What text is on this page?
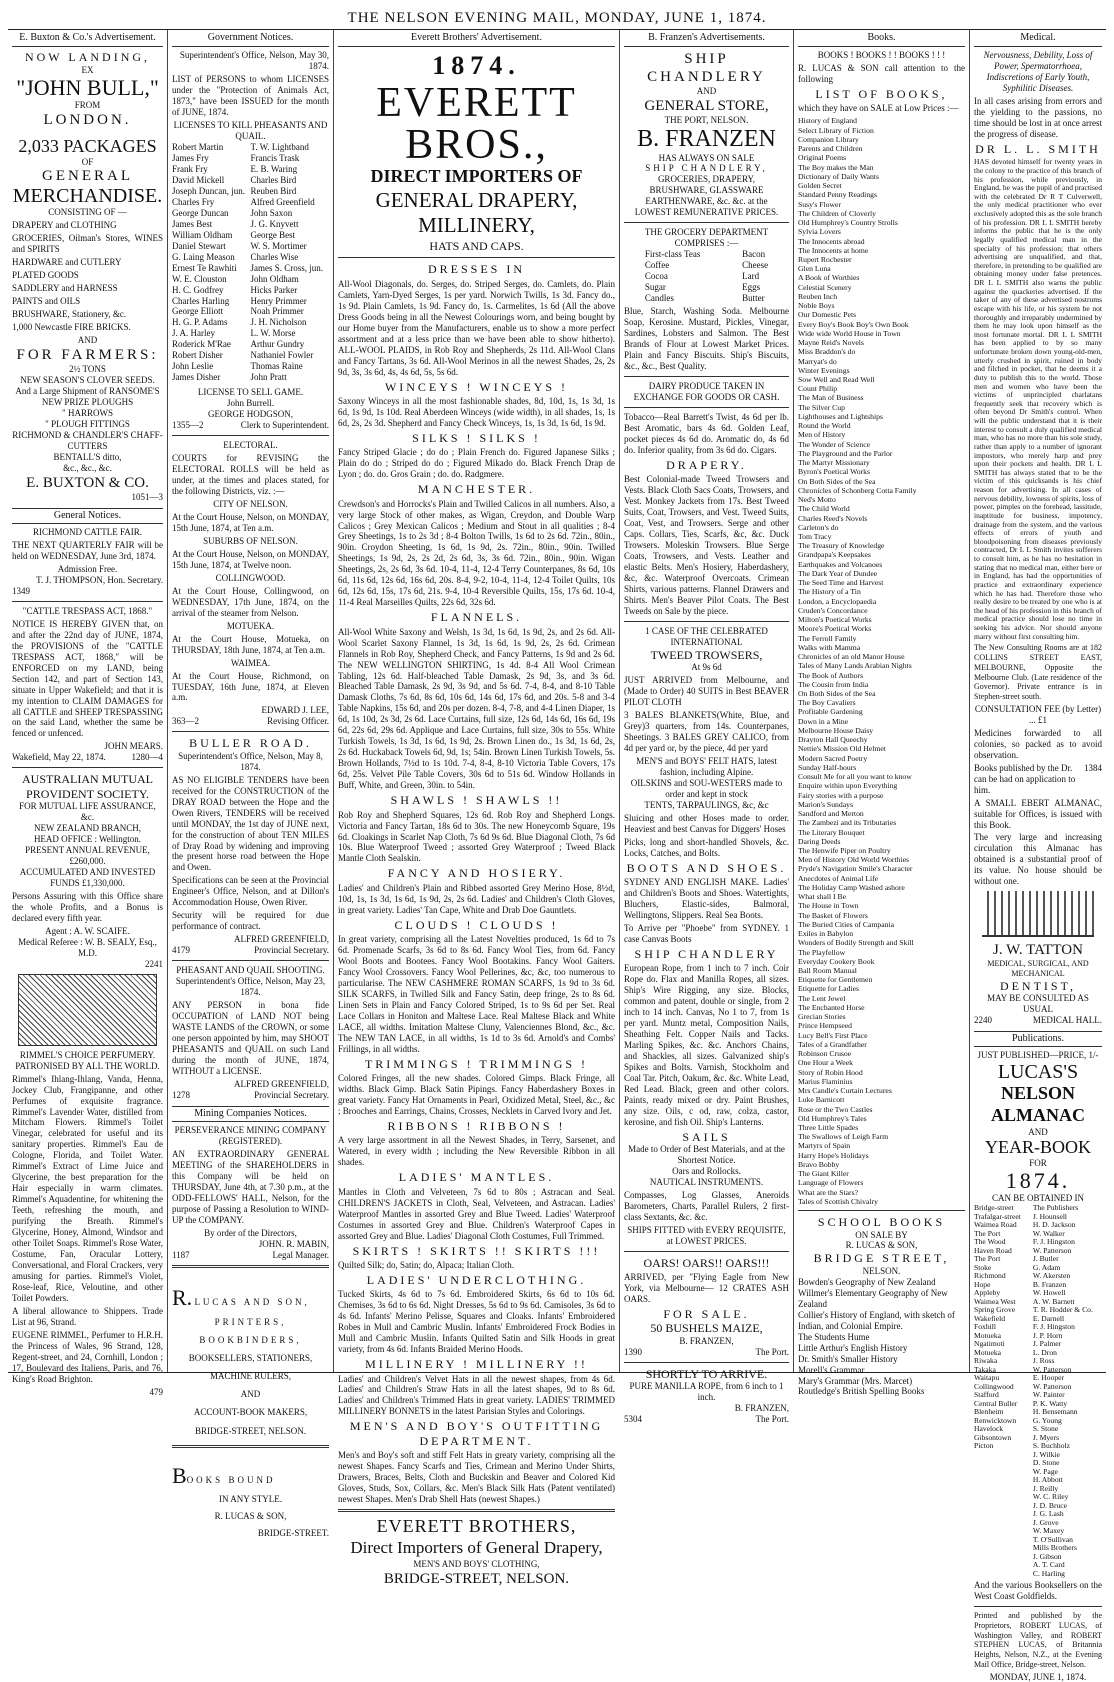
THE NELSON EVENING MAIL, MONDAY, JUNE 1, 1874.
E. Buxton & Co.'s Advertisement.
NOW LANDING,
EX
"JOHN BULL,"
FROM
LONDON.
2,033 PACKAGES
OF
GENERAL
MERCHANDISE.
CONSISTING OF —
DRAPERY and CLOTHING
GROCERIES, Oilman's Stores, WINES and SPIRITS
HARDWARE and CUTLERY
PLATED GOODS
SADDLERY and HARNESS
PAINTS and OILS
BRUSHWARE, Stationery, &c.
1,000 Newcastle FIRE BRICKS.
AND
FOR FARMERS:
2½ TONS
NEW SEASON'S CLOVER SEEDS.
And a Large Shipment of RANSOME'S NEW PRIZE PLOUGHS
" HARROWS
" PLOUGH FITTINGS
RICHMOND & CHANDLER'S CHAFF-CUTTERS
BENTALL'S ditto,
&c., &c., &c.
E. BUXTON & CO.
1051—3
General Notices.
RICHMOND CATTLE FAIR.
THE NEXT QUARTERLY FAIR will be held on WEDNESDAY, June 3rd, 1874.
Admission Free.
T. J. THOMPSON, Hon. Secretary.
1349
"CATTLE TRESPASS ACT, 1868."
NOTICE IS HEREBY GIVEN that, on and after the 22nd day of JUNE, 1874, the PROVISIONS of the "CATTLE TRESPASS ACT, 1868," will be ENFORCED on my LAND, being Section 142, and part of Section 143, situate in Upper Wakefield; and that it is my intention to CLAIM DAMAGES for all CATTLE and SHEEP TRESPASSING on the said Land, whether the same be fenced or unfenced.
JOHN MEARS.
Wakefield, May 22, 1874.	1280—4
AUSTRALIAN MUTUAL PROVIDENT SOCIETY.
FOR MUTUAL LIFE ASSURANCE, &c.
NEW ZEALAND BRANCH,
HEAD OFFICE : Wellington.
PRESENT ANNUAL REVENUE, £260,000.
ACCUMULATED AND INVESTED FUNDS £1,330,000.
Persons Assuring with this Office share the whole Profits, and a Bonus is declared every fifth year.
Agent : A. W. SCAIFE.
Medical Referee : W. B. SEALY, Esq., M.D.
2241
RIMMEL'S CHOICE PERFUMERY.
PATRONISED BY ALL THE WORLD.
Rimmel's Ihlang-Ihlang, Vanda, Henna, Jockey Club, Frangipanne, and other Perfumes of exquisite fragrance. Rimmel's Lavender Water, distilled from Mitcham Flowers. Rimmel's Toilet Vinegar, celebrated for useful and its sanitary properties. Rimmel's Eau de Cologne, Florida, and Toilet Water. Rimmel's Extract of Lime Juice and Glycerine, the best preparation for the Hair especially in warm climates. Rimmel's Aquadentine, for whitening the Teeth, refreshing the mouth, and purifying the Breath. Rimmel's Glycerine, Honey, Almond, Windsor and other Toilet Soaps. Rimmel's Rose Water, Costume, Fan, Oracular Lottery, Conversational, and Floral Crackers, very amusing for parties. Rimmel's Violet, Rose-leaf, Rice, Veloutine, and other Toilet Powders.
A liberal allowance to Shippers. Trade List at 96, Strand.
EUGENE RIMMEL, Perfumer to H.R.H. the Princess of Wales, 96 Strand, 128, Regent-street, and 24, Cornhill, London ; 17, Boulevard des Italiens, Paris, and 76, King's Road Brighton.
479
Government Notices.
Superintendent's Office, Nelson, May 30, 1874.
LIST of PERSONS to whom LICENSES under the "Protection of Animals Act, 1873," have been ISSUED for the month of JUNE, 1874.
LICENSES TO KILL PHEASANTS AND QUAIL.
Robert Martin
James Fry
Frank Fry
David Mickell
Joseph Duncan, jun.
Charles Fry
George Duncan
James Best
William Oldham
Daniel Stewart
G. Laing Meason
Ernest Te Rawhiti
W. E. Clouston
H. C. Godfrey
Charles Harling
George Elliott
H. G. P. Adams
J. A. Harley
Roderick M'Rae
Robert Disher
John Leslie
James Disher
T. W. Lightband
Francis Trask
E. B. Waring
Charles Bird
Reuben Bird
Alfred Greenfield
John Saxon
J. G. Knyvett
George Best
W. S. Mortimer
Charles Wise
James S. Cross, jun.
John Oldham
Hicks Parker
Henry Primmer
Noah Primmer
J. H. Nicholson
L. W. Morse
Arthur Gundry
Nathaniel Fowler
Thomas Raine
John Pratt
LICENSE TO SELL GAME.
John Burrell.
GEORGE HODGSON,
1355—2	Clerk to Superintendent.
ELECTORAL.
COURTS for REVISING the ELECTORAL ROLLS will be held as under, at the times and places stated, for the following Districts, viz. :—
CITY OF NELSON.
At the Court House, Nelson, on MONDAY, 15th June, 1874, at Ten a.m.
SUBURBS OF NELSON.
At the Court House, Nelson, on MONDAY, 15th June, 1874, at Twelve noon.
COLLINGWOOD.
At the Court House, Collingwood, on WEDNESDAY, 17th June, 1874, on the arrival of the steamer from Nelson.
MOTUEKA.
At the Court House, Motueka, on THURSDAY, 18th June, 1874, at Ten a.m.
WAIMEA.
At the Court House, Richmond, on TUESDAY, 16th June, 1874, at Eleven a.m.
EDWARD J. LEE,
363—2	Revising Officer.
BULLER ROAD.
Superintendent's Office, Nelson, May 8, 1874.
AS NO ELIGIBLE TENDERS have been received for the CONSTRUCTION of the DRAY ROAD between the Hope and the Owen Rivers, TENDERS will be received until MONDAY, the 1st day of JUNE next, for the construction of about TEN MILES of Dray Road by widening and improving the present horse road between the Hope and Owen.
Specifications can be seen at the Provincial Engineer's Office, Nelson, and at Dillon's Accommodation House, Owen River.
Security will be required for due performance of contract.
ALFRED GREENFIELD,
4179	Provincial Secretary.
PHEASANT AND QUAIL SHOOTING.
Superintendent's Office, Nelson, May 23, 1874.
ANY PERSON in bona fide OCCUPATION of LAND NOT being WASTE LANDS of the CROWN, or some one person appointed by him, may SHOOT PHEASANTS and QUAIL on such Land during the month of JUNE, 1874, WITHOUT a LICENSE.
ALFRED GREENFIELD,
1278	Provincial Secretary.
Mining Companies Notices.
PERSEVERANCE MINING COMPANY (REGISTERED).
AN EXTRAORDINARY GENERAL MEETING of the SHAREHOLDERS in this Company will be held on THURSDAY, June 4th, at 7.30 p.m., at the ODD-FELLOWS' HALL, Nelson, for the purpose of Passing a Resolution to WIND-UP the COMPANY.
By order of the Directors,
JOHN. R. MABIN,
1187	Legal Manager.
R. LUCAS AND SON,
PRINTERS,
BOOKBINDERS,
BOOKSELLERS, STATIONERS,
MACHINE RULERS,
AND
ACCOUNT-BOOK MAKERS,
BRIDGE-STREET, NELSON.
BOOKS BOUND
IN ANY STYLE.
R. LUCAS & SON,
BRIDGE-STREET.
Everett Brothers' Advertisement.
1874.
EVERETT BROS.,
DIRECT IMPORTERS OF
GENERAL DRAPERY, MILLINERY,
HATS AND CAPS.
DRESSES IN
All-Wool Diagonals, do. Serges, do. Striped Serges, do. Camlets, do. Plain Camlets, Yarn-Dyed Serges, 1s per yard. Norwich Twills, 1s 3d. Fancy do., 1s 9d. Plain Camlets, 1s 9d. Fancy do, 1s. Carmelites, 1s 6d (All the above Dress Goods being in all the Newest Colourings worn, and being bought by our Home buyer from the Manufacturers, enable us to show a more perfect assortment and at a less price than we have been able to show hitherto). ALL-WOOL PLAIDS, in Rob Roy and Shepherds, 2s 11d. All-Wool Clans and Fancy Tartans, 3s 6d. All-Wool Merinos in all the newest Shades, 2s, 2s 9d, 3s, 3s 6d, 4s, 4s 6d, 5s, 5s 6d.
WINCEYS ! WINCEYS !
Saxony Winceys in all the most fashionable shades, 8d, 10d, 1s, 1s 3d, 1s 6d, 1s 9d, 1s 10d. Real Aberdeen Winceys (wide width), in all shades, 1s, 1s 6d, 2s, 2s 3d. Shepherd and Fancy Check Winceys, 1s, 1s 3d, 1s 6d, 1s 9d.
SILKS ! SILKS !
Fancy Striped Glacie ; do do ; Plain French do. Figured Japanese Silks ; Plain do do ; Striped do do ; Figured Mikado do. Black French Drap de Lyon ; do. do. Gros Grain ; do. do. Radgmere.
MANCHESTER.
Crewdson's and Horrocks's Plain and Twilled Calicos in all numbers. Also, a very large Stock of other makes, as Wigan, Creydon, and Double Warp Calicos ; Grey Mexican Calicos ; Medium and Stout in all qualities ; 8-4 Grey Sheetings, 1s to 2s 3d ; 8-4 Bolton Twills, 1s 6d to 2s 6d. 72in., 80in., 90in. Croydon Sheeting, 1s 6d, 1s 9d, 2s. 72in., 80in., 90in. Twilled Sheetings, 1s 9d, 2s, 2s 2d, 2s 6d, 3s, 3s 6d. 72in., 80in., 90in. Wigan Sheetings, 2s, 2s 6d, 3s 6d. 10-4, 11-4, 12-4 Terry Counterpanes, 8s 6d, 10s 6d, 11s 6d, 12s 6d, 16s 6d, 20s. 8-4, 9-2, 10-4, 11-4, 12-4 Toilet Quilts, 10s 6d, 12s 6d, 15s, 17s 6d, 21s. 9-4, 10-4 Reversible Quilts, 15s, 17s 6d. 10-4, 11-4 Real Marseilles Quilts, 22s 6d, 32s 6d.
FLANNELS.
All-Wool White Saxony and Welsh, 1s 3d, 1s 6d, 1s 9d, 2s, and 2s 6d. All-Wool Scarlet Saxony Flannel, 1s 3d, 1s 6d, 1s 9d, 2s, 2s 6d. Crimean Flannels in Rob Roy, Shepherd Check, and Fancy Patterns, 1s 9d and 2s 6d. The NEW WELLINGTON SHIRTING, 1s 4d. 8-4 All Wool Crimean Tabling, 12s 6d. Half-bleached Table Damask, 2s 9d, 3s, and 3s 6d. Bleached Table Damask, 2s 9d, 3s 9d, and 5s 6d. 7-4, 8-4, and 8-10 Table Damask Cloths, 7s 6d, 8s 6d, 10s 6d, 14s 6d, 17s 6d, and 20s. 5-8 and 3-4 Table Napkins, 15s 6d, and 20s per dozen. 8-4, 7-8, and 4-4 Linen Diaper, 1s 6d, 1s 10d, 2s 3d, 2s 6d. Lace Curtains, full size, 12s 6d, 14s 6d, 16s 6d, 19s 6d, 22s 6d, 29s 6d. Applique and Lace Curtains, full size, 30s to 55s. White Turkish Towels, 1s 3d, 1s 6d, 1s 9d, 2s. Brown Linen do., 1s 3d, 1s 6d, 2s, 2s 6d. Huckaback Towels 6d, 9d, 1s; 54in. Brown Linen Turkish Towels, 5s. Brown Hollands, 7½d to 1s 10d. 7-4, 8-4, 8-10 Victoria Table Covers, 17s 6d, 25s. Velvet Pile Table Covers, 30s 6d to 51s 6d. Window Hollands in Buff, White, and Green, 30in. to 54in.
SHAWLS ! SHAWLS !!
Rob Roy and Shepherd Squares, 12s 6d. Rob Roy and Shepherd Longs. Victoria and Fancy Tartan, 18s 6d to 30s. The new Honeycomb Square, 19s 6d. Cloakings in Scarlet Nap Cloth, 7s 6d 9s 6d. Blue Diagonal Cloth, 7s 6d 10s. Blue Waterproof Tweed ; assorted Grey Waterproof ; Tweed Black Mantle Cloth Sealskin.
FANCY AND HOSIERY.
Ladies' and Children's Plain and Ribbed assorted Grey Merino Hose, 8½d, 10d, 1s, 1s 3d, 1s 6d, 1s 9d, 2s, 2s 6d. Ladies' and Children's Cloth Gloves, in great variety. Ladies' Tan Cape, White and Drab Doe Gauntlets.
CLOUDS ! CLOUDS !
In great variety, comprising all the Latest Novelties produced, 1s 6d to 7s 6d. Promenade Scarfs, 3s 6d to 8s 6d. Fancy Wool Ties, from 6d. Fancy Wool Boots and Bootees. Fancy Wool Bootakins. Fancy Wool Gaiters. Fancy Wool Crossovers. Fancy Wool Pellerines, &c, &c, too numerous to particularise. The NEW CASHMERE ROMAN SCARFS, 1s 9d to 3s 6d. SILK SCARFS, in Twilled Silk and Fancy Satin, deep fringe, 2s to 8s 6d. Linen Sets in Plain and Fancy Colored Striped, 1s to 9s 6d per Set. Real Lace Collars in Honiton and Maltese Lace. Real Maltese Black and White LACE, all widths. Imitation Maltese Cluny, Valenciennes Blond, &c., &c. The NEW TAN LACE, in all widths, 1s 1d to 3s 6d. Arnold's and Combs' Frillings, in all widths.
TRIMMINGS ! TRIMMINGS !
Colored Fringes, all the new shades. Colored Gimps. Black Fringe, all widths. Black Gimp. Black Satin Pipings. Fancy Haberdashery Boxes in great variety. Fancy Hat Ornaments in Pearl, Oxidized Metal, Steel, &c., &c ; Brooches and Earrings, Chains, Crosses, Necklets in Carved Ivory and Jet.
RIBBONS ! RIBBONS !
A very large assortment in all the Newest Shades, in Terry, Sarsenet, and Watered, in every width ; including the New Reversible Ribbon in all shades.
LADIES' MANTLES.
Mantles in Cloth and Velveteen, 7s 6d to 80s ; Astracan and Seal. CHILDREN'S JACKETS in Cloth, Seal, Velveteen, and Astracan. Ladies' Waterproof Mantles in assorted Grey and Blue Tweed. Ladies' Waterproof Costumes in assorted Grey and Blue. Children's Waterproof Capes in assorted Grey and Blue. Ladies' Diagonal Cloth Costumes, Full Trimmed.
SKIRTS ! SKIRTS !! SKIRTS !!!
Quilted Silk; do, Satin; do, Alpaca; Italian Cloth.
LADIES' UNDERCLOTHING.
Tucked Skirts, 4s 6d to 7s 6d. Embroidered Skirts, 6s 6d to 10s 6d. Chemises, 3s 6d to 6s 6d. Night Dresses, 5s 6d to 9s 6d. Camisoles, 3s 6d to 4s 6d. Infants' Merino Pelisse, Squares and Cloaks. Infants' Embroidered Robes in Mull and Cambric Muslin. Infants' Embroidered Frock Bodies in Mull and Cambric Muslin. Infants Quilted Satin and Silk Hoods in great variety, from 4s 6d. Infants Braided Merino Hoods.
MILLINERY ! MILLINERY !!
Ladies' and Children's Velvet Hats in all the newest shapes, from 4s 6d. Ladies' and Children's Straw Hats in all the latest shapes, 9d to 8s 6d. Ladies' and Children's Trimmed Hats in great variety. LADIES' TRIMMED MILLINERY BONNETS in the latest Parisian Styles and Colorings.
MEN'S AND BOY'S OUTFITTING DEPARTMENT.
Men's and Boy's soft and stiff Felt Hats in greaty variety, comprising all the newest Shapes. Fancy Scarfs and Ties, Crimean and Merino Under Shirts, Drawers, Braces, Belts, Cloth and Buckskin and Beaver and Colored Kid Gloves, Studs, Sox, Collars, &c. Men's Black Silk Hats (Patent ventilated) newest Shapes. Men's Drab Shell Hats (newest Shapes.)
EVERETT BROTHERS,
Direct Importers of General Drapery,
MEN'S AND BOYS' CLOTHING,
BRIDGE-STREET, NELSON.
B. Franzen's Advertisements.
SHIP CHANDLERY
AND
GENERAL STORE,
THE PORT, NELSON.
B. FRANZEN
HAS ALWAYS ON SALE
SHIP CHANDLERY,
GROCERIES, DRAPERY,
BRUSHWARE, GLASSWARE
EARTHENWARE, &c. &c. at the
LOWEST REMUNERATIVE PRICES.
THE GROCERY DEPARTMENT
COMPRISES :—
First-class Teas
Coffee
Cocoa
Sugar
Candles
Bacon
Cheese
Lard
Eggs
Butter
Blue, Starch, Washing Soda. Melbourne Soap, Kerosine. Mustard, Pickles, Vinegar, Sardines, Lobsters and Salmon. The Best Brands of Flour at Lowest Market Prices. Plain and Fancy Biscuits. Ship's Biscuits, &c., &c., Best Quality.
DAIRY PRODUCE TAKEN IN EXCHANGE FOR GOODS OR CASH.
Tobacco—Real Barrett's Twist, 4s 6d per lb. Best Aromatic, bars 4s 6d. Golden Leaf, pocket pieces 4s 6d do. Aromatic do, 4s 6d do. Inferior quality, from 3s 6d do. Cigars.
DRAPERY.
Best Colonial-made Tweed Trowsers and Vests. Black Cloth Sacs Coats, Trowsers, and Vest. Monkey Jackets from 17s. Best Tweed Suits, Coat, Trowsers, and Vest. Tweed Suits, Coat, Vest, and Trowsers. Serge and other Caps. Collars, Ties, Scarfs, &c, &c. Duck Trowsers. Moleskin Trowsers. Blue Serge Coats, Trowsers, and Vests. Leather and elastic Belts. Men's Hosiery, Haberdashery, &c, &c. Waterproof Overcoats. Crimean Shirts, various patterns. Flannel Drawers and Shirts. Men's Beaver Pilot Coats. The Best Tweeds on Sale by the piece.
1 CASE OF THE CELEBRATED
INTERNATIONAL
TWEED TROWSERS,
At 9s 6d
JUST ARRIVED from Melbourne, and (Made to Order) 40 SUITS in Best BEAVER PILOT CLOTH
3 BALES BLANKETS(White, Blue, and Grey)3 quarters, from 14s. Counterpanes, Sheetings. 3 BALES GREY CALICO, from 4d per yard or, by the piece, 4d per yard
MEN'S and BOYS' FELT HATS, latest fashion, including Alpine.
OILSKINS and SOU-WESTERS made to order and kept in stock
TENTS, TARPAULINGS, &c, &c
Sluicing and other Hoses made to order. Heaviest and best Canvas for Diggers' Hoses
Picks, long and short-handled Shovels, &c. Locks, Catches, and Bolts.
BOOTS AND SHOES.
SYDNEY AND ENGLISH MAKE. Ladies' and Children's Boots and Shoes. Watertights, Bluchers, Elastic-sides, Balmoral, Wellingtons, Slippers. Real Sea Boots.
To Arrive per "Phoebe" from SYDNEY. 1 case Canvas Boots
SHIP CHANDLERY
European Rope, from 1 inch to 7 inch. Coir Rope do. Flax and Manilla Ropes, all sizes. Ship's Wire Rigging, any size. Blocks, common and patent, double or single, from 2 inch to 14 inch. Canvas, No 1 to 7, from 1s per yard. Muntz metal, Composition Nails, Sheathing Felt. Copper Nails and Tacks. Marling Spikes, &c. &c. Anchors Chains, and Shackles, all sizes. Galvanized ship's Spikes and Bolts. Varnish, Stockholm and Coal Tar. Pitch, Oakum, &c. &c. White Lead, Red Lead. Black, green and other colors. Paints, ready mixed or dry. Paint Brushes, any size. Oils, c od, raw, colza, castor, kerosine, and fish Oil. Ship's Lanterns.
SAILS
Made to Order of Best Materials, and at the Shortest Notice.
Oars and Rollocks.
NAUTICAL INSTRUMENTS.
Compasses, Log Glasses, Aneroids Barometers, Charts, Parallel Rulers, 2 first-class Sextants, &c. &c.
SHIPS FITTED with EVERY REQUISITE, at LOWEST PRICES.
OARS! OARS!! OARS!!!
ARRIVED, per "Flying Eagle from New York, via Melbourne— 12 CRATES ASH OARS.
FOR SALE.
50 BUSHELS MAIZE,
B. FRANZEN,
1390	The Port.
SHORTLY TO ARRIVE.
PURE MANILLA ROPE, from 6 inch to 1 inch.
B. FRANZEN,
5304	The Port.
Books.
BOOKS ! BOOKS ! ! BOOKS ! ! !
R. LUCAS & SON call attention to the following
LIST OF BOOKS,
which they have on SALE at Low Prices :—
History of England
Select Library of Fiction
Companion Library
Parents and Children
Original Poems
The Boy makes the Man
Dictionary of Daily Wants
Golden Secret
Standard Penny Readings
Susy's Flower
The Children of Cloverly
Old Humphrey's Country Strolls
Sylvia Lovers
The Innocents abroad
The Innocents at home
Rupert Rochester
Glen Luna
A Book of Worthies
Celestial Scenery
Reuben Inch
Noble Boys
Our Domestic Pets
Every Boy's Book Boy's Own Book
Wide wide World House in Town
Mayne Reid's Novels
Miss Braddon's do
Marryat's do
Winter Evenings
Sow Well and Read Well
Count Philip
The Man of Business
The Silver Cup
Lighthouses and Lightships
Round the World
Men of History
The Wonder of Science
The Playground and the Parlor
The Martyr Missionary
Byron's Poetical Works
On Both Sides of the Sea
Chronicles of Schonberg Cotta Family
Ned's Motto
The Child World
Charles Reed's Novels
Carleton's do
Tom Tracy
The Treasury of Knowledge
Grandpapa's Keepsakes
Earthquakes and Volcanoes
The Dark Year of Dundee
The Seed Time and Harvest
The History of a Tin
London, a Encyclopaedia
Cruden's Concordance
Milton's Poetical Works
Moore's Poetical Works
The Ferroll Family
Walks with Mamma
Chronicles of an old Manor House
Tales of Many Lands Arabian Nights
The Book of Authors
The Cousin from India
On Both Sides of the Sea
The Boy Cavaliers
Profitable Gardening
Down in a Mine
Melbourne House Daisy
Drayton Hall Queechy
Nettie's Mission Old Helmet
Modern Sacred Poetry
Sunday Half-hours
Consult Me for all you want to know
Enquire within upon Everything
Fairy stories with a purpose
Marion's Sundays
Sandford and Merton
The Zambezi and its Tributaries
The Literary Bouquet
Daring Deeds
The Henwife Piper on Poultry
Men of History Old World Worthies
Pryde's Navigation Smile's Character
Anecdotes of Animal Life
The Holiday Camp Washed ashore
What shall I Be
The House in Town
The Basket of Flowers
The Buried Cities of Campania
Exiles in Babylon
Wonders of Bodily Strength and Skill
The Playfellow
Everyday Cookery Book
Ball Room Manual
Etiquette for Gentlemen
Etiquette for Ladies
The Lent Jewel
The Enchanted Horse
Grecian Stories
Prince Hempseed
Lucy Bell's First Place
Tales of a Grandfather
Robinson Crusoe
One Hour a Week
Story of Robin Hood
Marius Flaminius
Mrs Candle's Curtain Lectures
Luke Barnicott
Rose or the Two Castles
Old Humphrey's Tales
Three Little Spades
The Swallows of Leigh Farm
Martyrs of Spain
Harry Hope's Holidays
Bravo Bobby
The Giant Killer
Language of Flowers
What are the Stars?
Tales of Scottish Chivalry
SCHOOL BOOKS
ON SALE BY
R. LUCAS & SON,
BRIDGE STREET,
NELSON.
Bowden's Geography of New Zealand
Willmer's Elementary Geography of New Zealand
Collier's History of England, with sketch of Indian, and Colonial Empire.
The Students Hume
Little Arthur's English History
Dr. Smith's Smaller History
Morell's Grammar
Mary's Grammar (Mrs. Marcet)
Routledge's British Spelling Books
Medical.
Nervousness, Debility, Loss of Power, Spermatorrhoea, Indiscretions of Early Youth, Syphilitic Diseases.
In all cases arising from errors and the yielding to the passions, no time should be lost in at once arrest the progress of disease.
DR L. L. SMITH
HAS devoted himself for twenty years in the colony to the practice of this branch of his profession, while previously, in England, he was the pupil of and practised with the celebrated Dr R T Culverwell, the only medical practitioner who ever exclusively adopted this as the sole branch of his profession. DR L L SMITH hereby informs the public that he is the only legally qualified medical man in the specialty of his profession; that others advertising are unqualified, and that, therefore, in pretending to be qualified are obtaining money under false pretences. DR L L SMITH also warns the public against the quackeries advertised. If the taker of any of these advertised nostrums escape with his life, or his system be not thoroughly and irreparably undermined by them he may look upon himself as the most fortunate mortal. DR L L SMITH has been applied to by so many unfortunate broken down young-old-men, utterly crushed in spirit, ruined in body and filched in pocket, that he deems it a duty to publish this to the world. Those men and women who have been the victims of unprincipled charlatans frequently seek that recovery which is often beyond Dr Smith's control. When will the public understand that it is their interest to consult a duly qualified medical man, who has no more than his sole study, rather than apply to a number of ignorant impostors, who merely harp and prey upon their pockets and health. DR L L SMITH has always stated that to be the victim of this quicksands is his chief reason for advertising. In all cases of nervous debility, lowness of spirits, loss of power, pimples on the forehead, lassitude, inaptitude for business, impotency, drainage from the system, and the various effects of errors of youth and bloodpoisoning from diseases previously contracted, Dr L L Smith invites sufferers to consult him, as he has no hesitation in stating that no medical man, either here or in England, has had the opportunities of practice and extraordinary experience which he has had. Therefore those who really desire to be treated by one who is at the head of his profession in this branch of medical practice should lose no time in seeking his advice. Nor should anyone marry without first consulting him.
The New Consulting Rooms are at 182 COLLINS STREET EAST, MELBOURNE, Opposite the Melbourne Club. (Late residence of the Governor). Private entrance is in Stephen-street south.
CONSULTATION FEE (by Letter) ... £1
Medicines forwarded to all colonies, so packed as to avoid observation.
Books published by the Dr. can be had on application to him.
1384
A SMALL EBERT ALMANAC, suitable for Offices, is issued with this Book.
The very large and increasing circulation this Almanac has obtained is a substantial proof of its value. No house should be without one.
J. W. TATTON
MEDICAL, SURGICAL, AND MECHANICAL
DENTIST,
MAY BE CONSULTED AS USUAL
2240	MEDICAL HALL.
Publications.
JUST PUBLISHED—PRICE, 1/-
LUCAS'S
NELSON ALMANAC
AND
YEAR-BOOK
FOR
1874.
CAN BE OBTAINED IN
Bridge-street
Trafalgar-street
Waimea Road
The Port
The Wood
Haven Road
The Port
Stoke
Richmond
Hope
Appleby
Waimea West
Spring Grove
Wakefield
Foxhill
Motueka
Ngatimoti
Motueka
Riwaka
Takaka
Waitapu
Collingwood
Stafford
Central Buller
Blenheim
Renwicktown
Havelock
Gibsontown
Picton
The Publishers
J. Hounsell
H. D. Jackson
W. Walker
F. J. Hingston
W. Patterson
J. Butler
G. Adam
W. Akersten
B. Franzen
W. Howell
A. W. Barnett
T. R. Hodder & Co.
E. Darnell
F. J. Hingston
J. P. Horn
J. Palmer
L. Dron
J. Ross
W. Patterson
E. Hooper
W. Patterson
W. Painter
P. K. Watty
H. Bensemann
G. Young
S. Stone
J. Myers
S. Buchholz
J. Wilkie
D. Stone
W. Page
H. Abbott
J. Reilly
W. C. Riley
J. D. Bruce
J. G. Lash
J. Grove
W. Maxey
T. O'Sullivan
Mills Brothers
J. Gibson
A. T. Card
C. Harling
And the various Booksellers on the West Coast Goldfields.
Printed and published by the Proprietors, ROBERT LUCAS, of Washington Valley, and ROBERT STEPHEN LUCAS, of Britannia Heights, Nelson, N.Z., at the Evening Mail Office, Bridge-street, Nelson.
MONDAY, JUNE 1, 1874.
